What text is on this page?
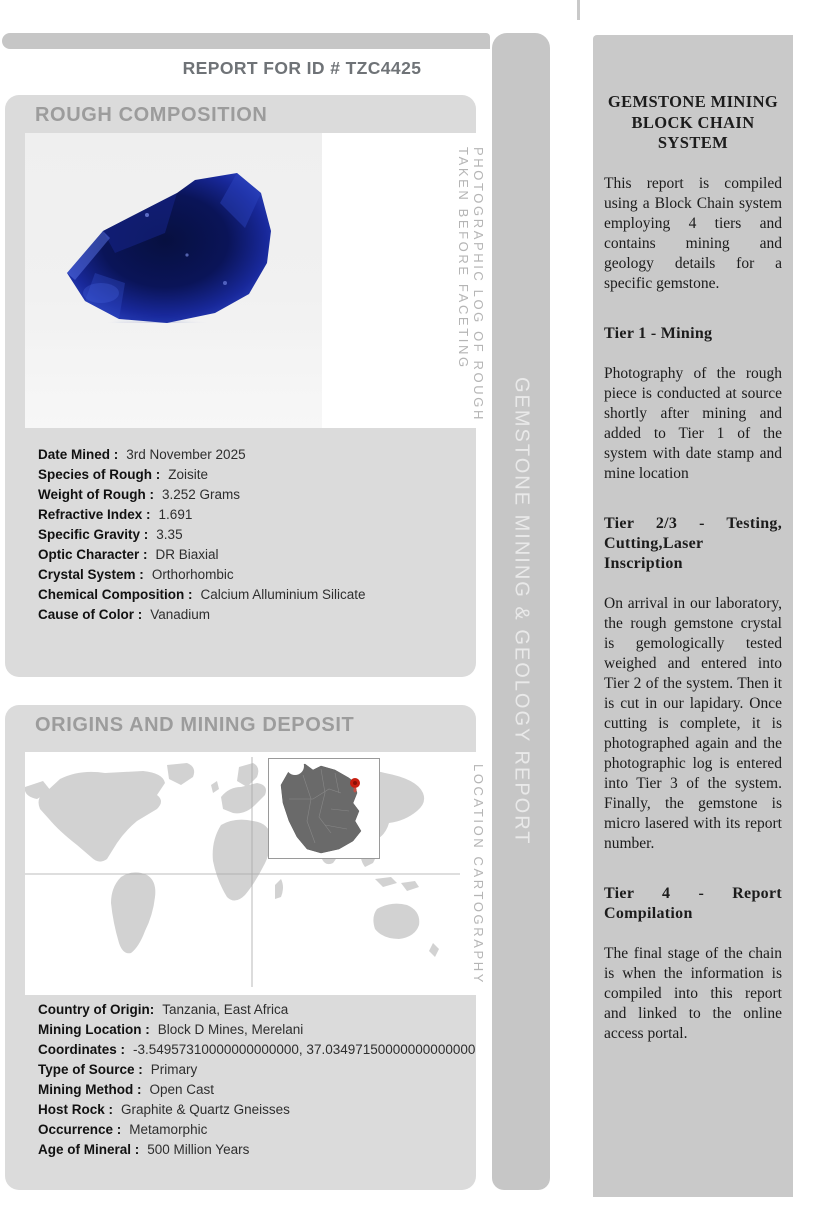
GEMSTONE MINING & GEOLOGY REPORT
REPORT FOR ID # TZC4425
ROUGH COMPOSITION
PHOTOGRAPHIC LOG OF ROUGH
TAKEN BEFORE FACETING
Date Mined : 3rd November 2025
Species of Rough : Zoisite
Weight of Rough : 3.252 Grams
Refractive Index : 1.691
Specific Gravity : 3.35
Optic Character : DR Biaxial
Crystal System : Orthorhombic
Chemical Composition : Calcium Alluminium Silicate
Cause of Color : Vanadium
ORIGINS AND MINING DEPOSIT
LOCATION CARTOGRAPHY
Country of Origin: Tanzania, East Africa
Mining Location : Block D Mines, Merelani
Coordinates : -3.54957310000000000000, 37.03497150000000000000
Type of Source : Primary
Mining Method : Open Cast
Host Rock : Graphite & Quartz Gneisses
Occurrence : Metamorphic
Age of Mineral : 500 Million Years
GEMSTONE MINING BLOCK CHAIN SYSTEM

This report is compiled using a Block Chain system employing 4 tiers and contains mining and geology details for a specific gemstone.

Tier 1 - Mining

Photography of the rough piece is conducted at source shortly after mining and added to Tier 1 of the system with date stamp and mine location

Tier 2/3 - Testing, Cutting,Laser Inscription

On arrival in our laboratory, the rough gemstone crystal is gemologically tested weighed and entered into Tier 2 of the system. Then it is cut in our lapidary. Once cutting is complete, it is photographed again and the photographic log is entered into Tier 3 of the system. Finally, the gemstone is micro lasered with its report number.

Tier 4 - Report Compilation

The final stage of the chain is when the information is compiled into this report and linked to the online access portal.
